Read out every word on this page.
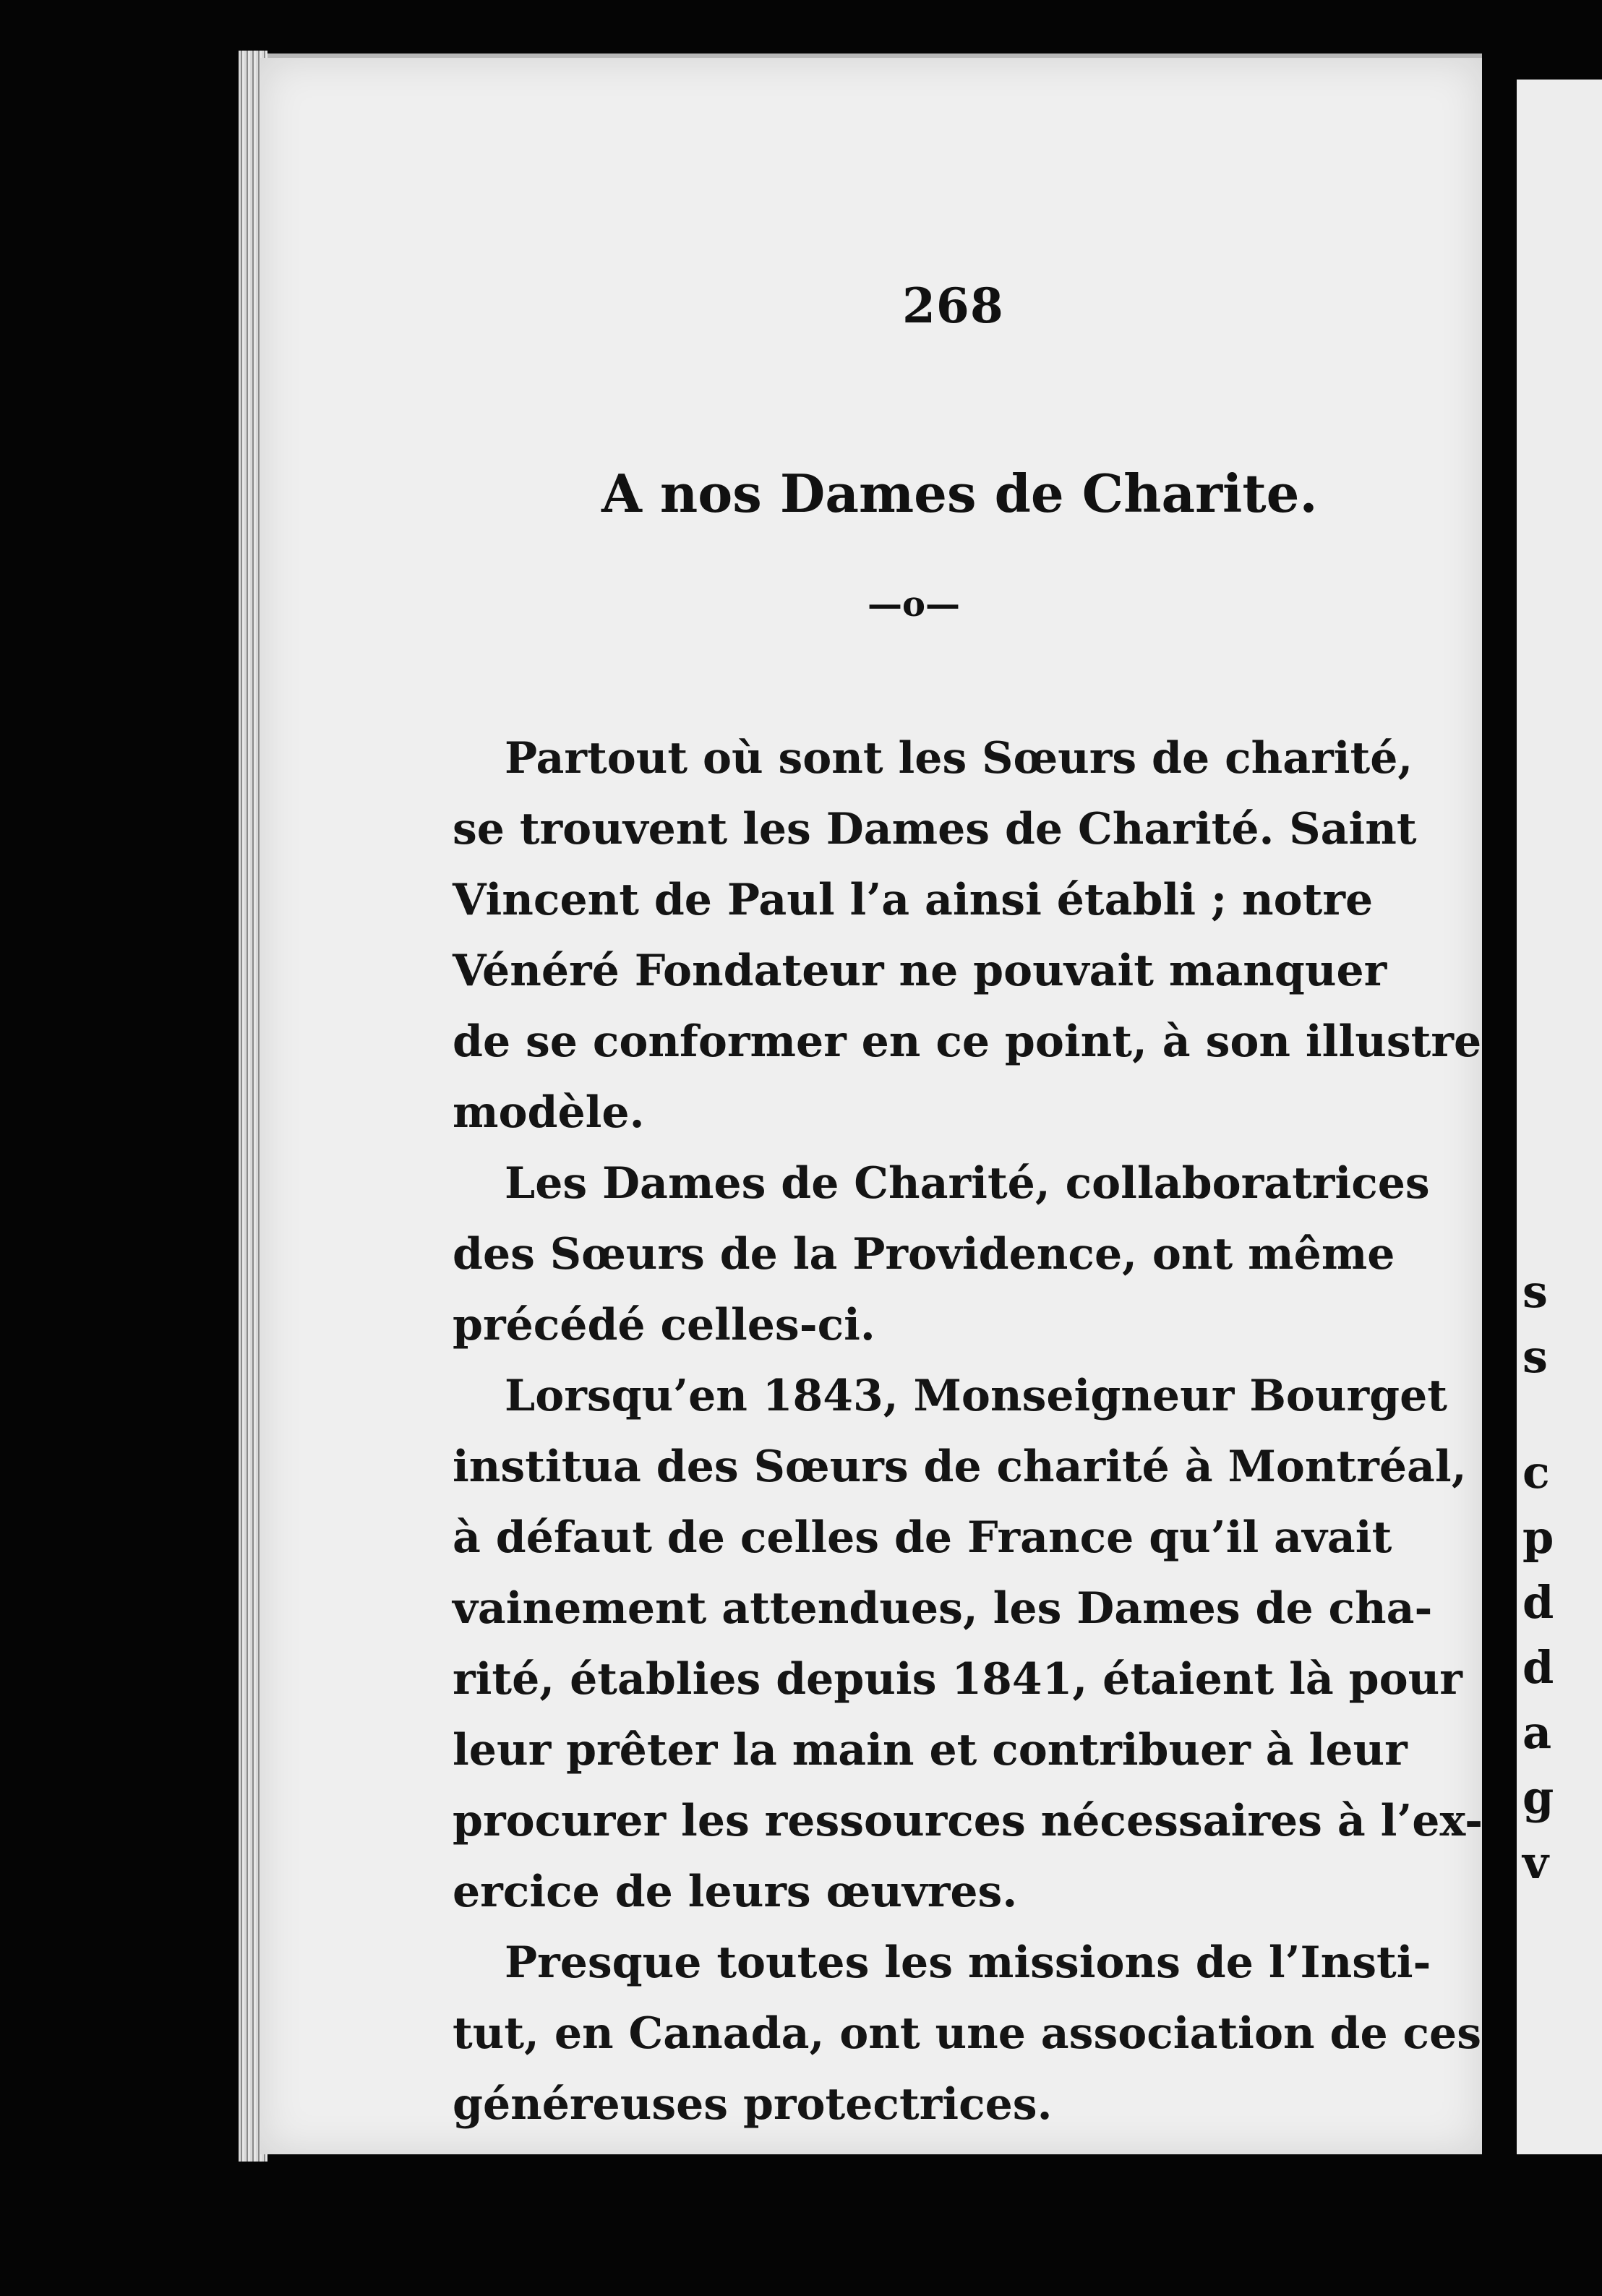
s
s
c
p
d
d
a
g
v
268
A nos Dames de Charite.
—o—
Partout où sont les Sœurs de charité,
se trouvent les Dames de Charité. Saint
Vincent de Paul l’a ainsi établi ; notre
Vénéré Fondateur ne pouvait manquer
de se conformer en ce point, à son illustre
modèle.
Les Dames de Charité, collaboratrices
des Sœurs de la Providence, ont même
précédé celles-ci.
Lorsqu’en 1843, Monseigneur Bourget
institua des Sœurs de charité à Montréal,
à défaut de celles de France qu’il avait
vainement attendues, les Dames de cha-
rité, établies depuis 1841, étaient là pour
leur prêter la main et contribuer à leur
procurer les ressources nécessaires à l’ex-
ercice de leurs œuvres.
Presque toutes les missions de l’Insti-
tut, en Canada, ont une association de ces
généreuses protectrices.
